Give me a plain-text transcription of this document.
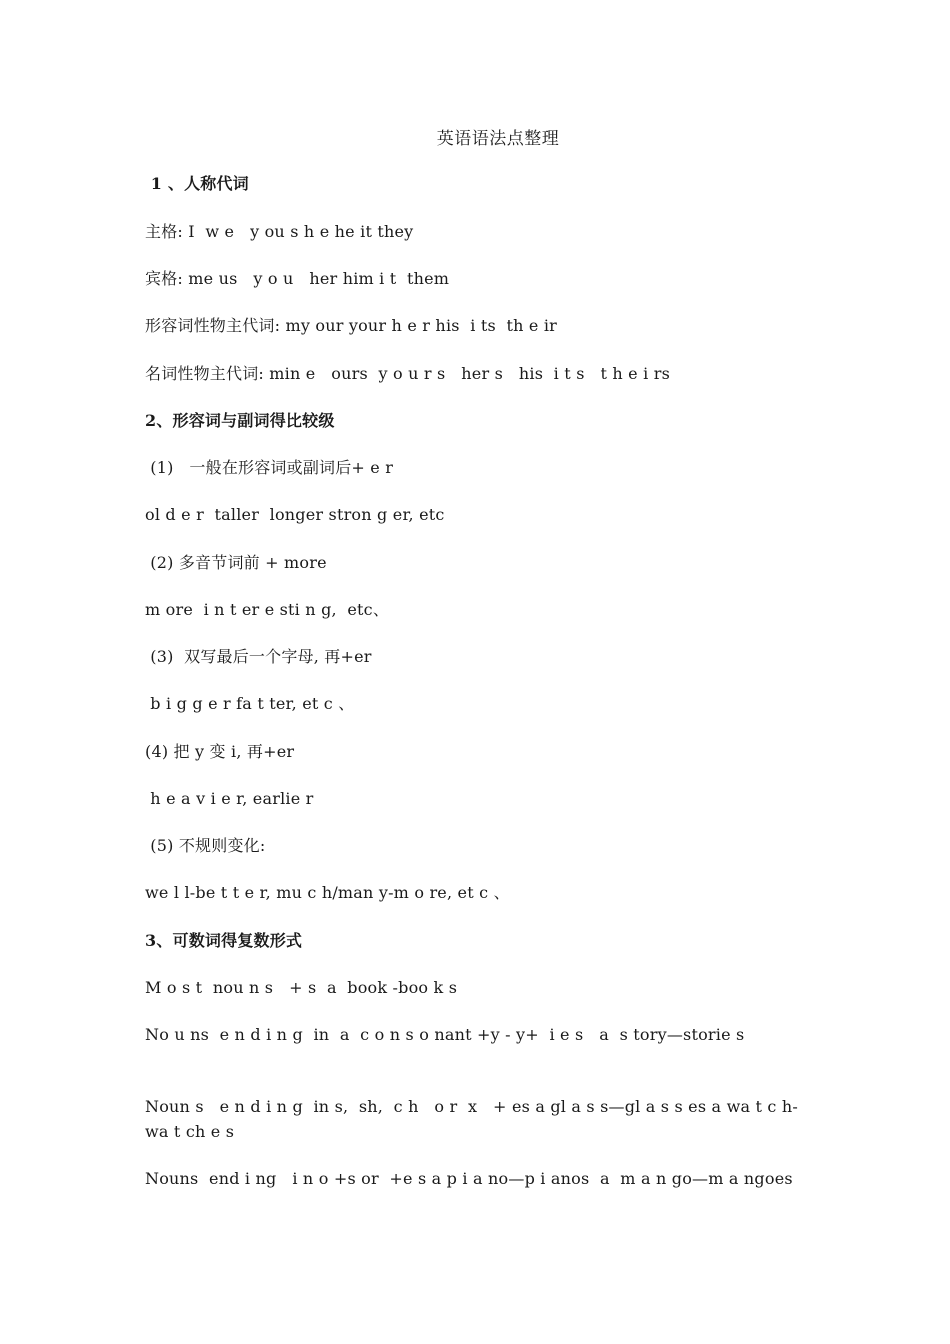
英语语法点整理
1 、人称代词
主格: I  w e   y ou s h e he it they
宾格: me us   y o u   her him i t  them
形容词性物主代词: my our your h e r his  i ts  th e ir
名词性物主代词: min e   ours  y o u r s   her s   his  i t s   t h e i rs
2、形容词与副词得比较级
(1)   一般在形容词或副词后+ e r
ol d e r  taller  longer stron g er, etc
(2) 多音节词前 + more
m ore  i n t er e sti n g,  etc、
(3)  双写最后一个字母, 再+er
b i g g e r fa t ter, et c 、
(4) 把 y 变 i, 再+er
h e a v i e r, earlie r
(5) 不规则变化:
we l l-be t t e r, mu c h/man y-m o re, et c 、
3、可数词得复数形式
M o s t  nou n s   + s  a  book -boo k s
No u ns  e n d i n g  in  a  c o n s o nant +y - y+  i e s   a  s tory—storie s
Noun s   e n d i n g  in s,  sh,  c h   o r  x   + es a gl a s s—gl a s s es a wa t c h-wa t ch e s
Nouns  end i ng   i n o +s or  +e s a p i a no—p i anos  a  m a n go—m a ngoes
